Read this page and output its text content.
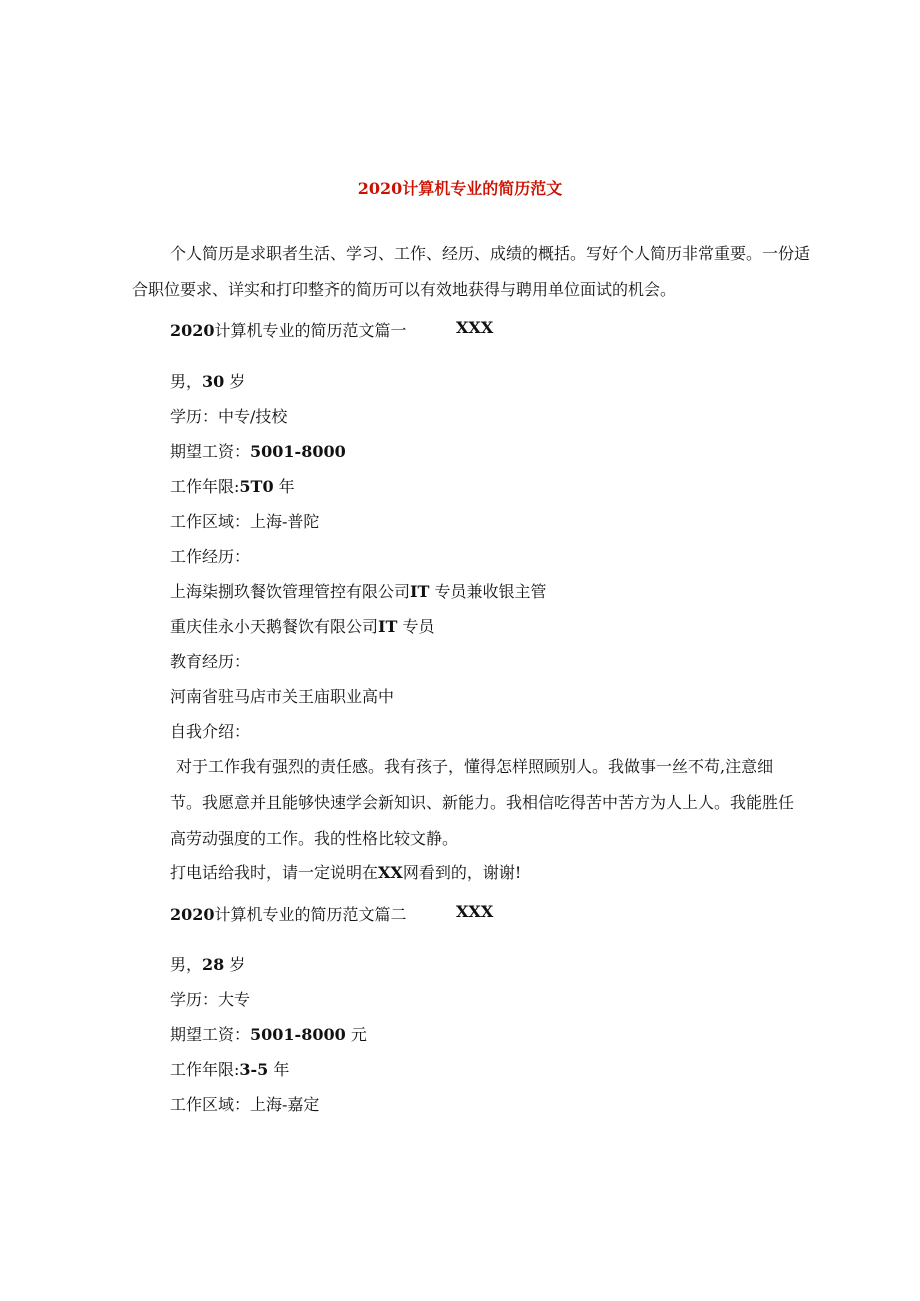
2020计算机专业的简历范文
个人简历是求职者生活、学习、工作、经历、成绩的概括。写好个人简历非常重要。一份适合职位要求、详实和打印整齐的简历可以有效地获得与聘用单位面试的机会。
2020计算机专业的简历范文篇一	XXX
男，30 岁
学历：中专/技校
期望工资：5001-8000
工作年限:5T0 年
工作区域：上海-普陀
工作经历：
上海柒捌玖餐饮管理管控有限公司IT 专员兼收银主管
重庆佳永小天鹅餐饮有限公司IT 专员
教育经历：
河南省驻马店市关王庙职业高中
自我介绍：
对于工作我有强烈的责任感。我有孩子，懂得怎样照顾别人。我做事一丝不苟,注意细节。我愿意并且能够快速学会新知识、新能力。我相信吃得苦中苦方为人上人。我能胜任高劳动强度的工作。我的性格比较文静。
打电话给我时，请一定说明在XX网看到的，谢谢!
2020计算机专业的简历范文篇二	XXX
男，28 岁
学历：大专
期望工资：5001-8000 元
工作年限:3-5 年
工作区域：上海-嘉定
